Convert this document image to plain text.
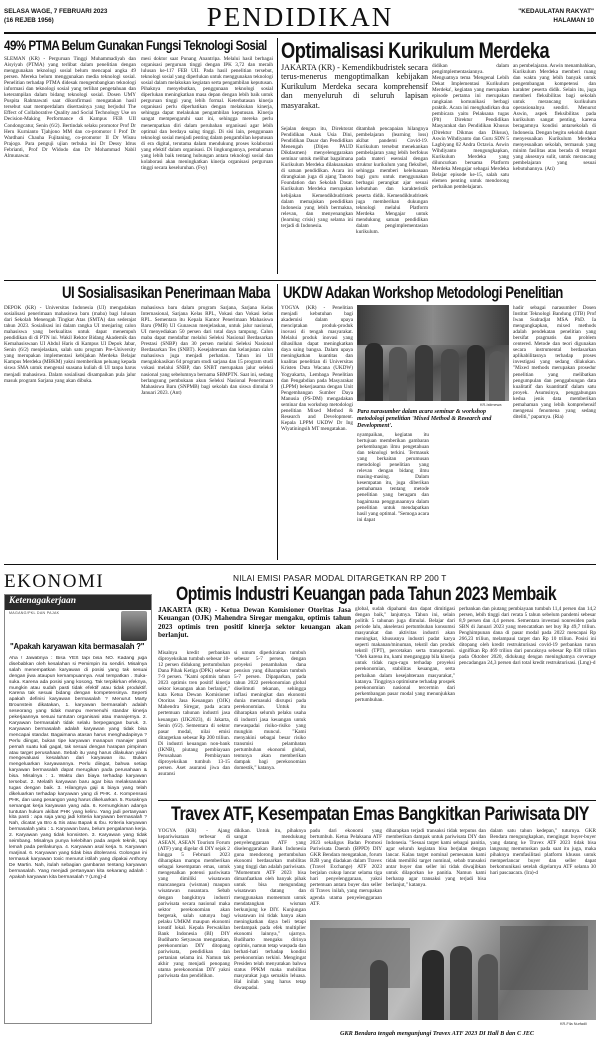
SELASA WAGE, 7 FEBRUARI 2023
(16 REJEB 1956)	PENDIDIKAN	"KEDAULATAN RAKYAT"
HALAMAN 10
49% PTMA Belum Gunakan Fungsi Teknologi Sosial

SLEMAN (KR) - Perguruan Tinggi Muhammadiyah dan Aisyiyah (PTMA) yang terlibat dalam penelitian dengan menggunakan teknologi sosial belum mencapai angka 49 persen. Mereka belum menggunakan media teknologi sosial. Penelitian terhadap PTMA didesak mengembangkan teknologi informasi dan teknologi sosial yang terlibat pengetahuan dan keterampilan dalam bidang teknologi sosial. Dosen UMY Puspita Rahmawati saat dikonfirmasi mengatakan hasil tersebut saat memperdalam disertasinya yang berjudul The Effect of Collaborative Quality and Social Technology Use on Decision-Making Performance di Kampus FEB UII Condongcatur, Senin (6/2). Bertindak selaku promotor Prof Dr Heru Kurnianto Tjahjono MM dan co-promotor I Prof Dr Wardhani Chauha Fujitaning, co-promotor II Dr Wisnu Prajogo. Para penguji ujian terbuka ini Dr Dessy Idrus Febrianti, Prof Dr Widodo dan Dr Mohammad Nabil Almunawar.

mesi doktor saat Punang Anantripa. Melalui hasil berbagai organisasi perguruan tinggi dengan IPK 3,72 dan meraih lulusan ke-117 FEB UII. Pada hasil penelitian tersebut, teknologi sosial yang diperlukan untuk menggunakan teknologi sosial dalam melakukan kegiatan serta pengambilan keputusan. Pihaknya menyebutkan, penggunaan teknologi sosial diperlukan meningkatkan masa depan dengan lebih baik untuk perguruan tinggi yang lebih formal. Keterbatasan kinerja organisasi perlu diperhatikan dengan melakukan kinerja, sehingga dapat melakukan pengambilan keputusan. Kinerja sangat mempengaruhi saat ini, sehingga mereka perlu menempatkan diri dalam perubahan organisasi agar lebih optimal dan berdaya saing tinggi. Di sisi lain, penggunaan teknologi sosial menjadi penting dalam pengambilan keputusan di era digital, terutama dalam mendukung proses kolaborasi yang efektif dalam organisasi. Di lingkungannya, pemahaman yang lebih baik tentang hubungan antara teknologi sosial dan kolaborasi akan meningkatkan kinerja organisasi perguruan tinggi secara keseluruhan. (Fsy)

Optimalisasi Kurikulum Merdeka

JAKARTA (KR) - Kemendikbudristek secara terus-menerus mengoptimalkan kebijakan Kurikulum Merdeka secara komprehensif dan menyeluruh di seluruh lapisan masyarakat.

Sejalan dengan itu, Direktorat Pendidikan Anak Usia Dini, Pendidikan Dasar dan Pendidikan Menengah (Ditjen PAUD Dikdasmen) menyelenggarakan seminar untuk melihat bagaimana Kurikulum Merdeka dilaksanakan di satuan pendidikan. Acara ini dirangkaian juga di ajang Tanoto Foundation dan Sekolah Dasar. Kurikulum Merdeka merupakan kebijakan Kemendikbudristek dalam memajukan pendidikan Indonesia yang lebih bermakna, relevan, dan menyenangkan (learning crisis) yang selama ini terjadi di Indonesia.

ditambah pencapaian hilangnya pembelajaran (learning loss) akibat pandemi Covid-19. Kurikulum tersebut menekankan pembelajaran yang lebih berfokus pada materi esensial dengan struktur kurikulum yang fleksibel, sehingga memberi keleluasaan bagi guru untuk menggunakan berbagai perangkat ajar sesuai kebutuhan dan karakteristik peserta didik. Kemendikbudristek juga memberikan dukungan teknologi melalui Platform Merdeka Mengajar untuk mendukung satuan pendidikan dalam pengimplementasian kurikulum.

didikan dalam pengimplementasiannya. Menguatnya tema 'Mengenal Lebih Dekat Implementasi Kurikulum Merdeka', kegiatan yang merupakan episode pertama ini merupakan rangkaian komunikasi berbagi praktik. Acara ini menghadirkan dua pembicara yaitu Pelaksana tugas (Plt) Direktur Pendidikan Masyarakat dan Pendidikan Khusus (Direktur Dikmas dan Diksus), Aswin Wihdiyanto dan Guru SDN 5 Lagbiyang 02 Andra Octavia. Aswin Wihdiyanto mengungkapkan, Kurikulum Merdeka yang diluncurkan bersama Platform Merdeka Mengajar sebagai Merdeka Belajar episode ke-15, salah satu elemen penting untuk mendorong perbaikan pembelajaran.

an pembelajaran. Aswin menambahkan, Kurikulum Merdeka memberi ruang dan waktu yang lebih banyak untuk pengembangan kompetensi dan karakter peserta didik. Selain itu, juga memberi fleksibilitas bagi sekolah untuk merancang kurikulum operasionalnya sendiri. Menurut Aswin, aspek fleksibilitas pada kurikulum sangat penting, karena beragamnya kondisi antarsekolah di Indonesia. Dengan begitu sekolah dapat menyesuaikan Kurikulum Merdeka menyesuaikan sekolah, termasuk yang minim fasilitas atau berada di tempat yang aksesnya sulit, untuk merancang pembelajaran yang sesuai kebutuhannya. (Ati)

UI Sosialisasikan Penerimaan Maba

DEPOK (KR) - Universitas Indonesia (UI) mengadakan sosialisasi penerimaan mahasiswa baru (maba) bagi lulusan dari Sekolah Menengah Tingkat Atas (SMTA) dan sederajat tahun 2023. Sosialisasi ini dalam rangka UI menjaring calon mahasiswa yang berkualitas untuk dapat menempuh pendidikan di di PTN ini. Wakil Rektor Bidang Akademik dan Kemahasiswaan UI Abdul Haris di Kampus UI Depok Jabar, Senin (6/2) menjelaskan, salah satu program Pre-University yang merupakan implementasi kebijakan Merdeka Belajar Kampus Merdeka (MBKM) yakni memberikan peluang kepada siswa SMA untuk mengenal suasana kuliah di UI tanpa harus menjadi mahasiswa. Dalam sosialisasi disampaikan pula jalur masuk program Sarjana yang akan dibuka.

mahasiswa baru dalam program Sarjana, Sarjana Kelas Internasional, Sarjana Kelas RPL, Vokasi dan Vokasi kelas RPL. Sementara itu Kepala Kantor Penerimaan Mahasiswa Baru (PMB) UI Gunawan menjelaskan, untuk jalur nasional, UI menyediakan 50 persen dari total daya tampung. Calon maba dapat mendaftar melalui Seleksi Nasional Berdasarkan Prestasi (SNBP) dan 30 persen melalui Seleksi Nasional Berdasarkan Tes (SNBT). Kesejahteraan dan kelanjutan calon mahasiswa juga menjadi perhatian. Tahun ini UI mengalokasikan 64 program studi sarjana dan 15 program studi vokasi melalui SNBP, dan SNBT merupakan jalur seleksi nasional yang sebelumnya bernama SBMPTN. Saat ini, sedang berlangsung pembukaan akun Seleksi Nasional Penerimaan Mahasiswa Baru (SNPMB) bagi sekolah dan siswa dimulai 9 Januari 2023. (Ant)

UKDW Adakan Workshop Metodologi Penelitian

YOGYA (KR) - Penelitian menjadi kebutuhan bagi akademisi dalam upaya menciptakan produk-produk inovasi di tengah masyarakat. Melalui produk inovasi yang dihasilkan dapat meningkatkan daya saing bangsa. Dalam upaya meningkatkan kuantitas dan kualitas penelitian di Universitas Kristen Duta Wacana (UKDW) Yogyakarta, Lembaga Penelitian dan Pengabdian pada Masyarakat (LPPM) bekerjasama dengan Unit Pengembangan Sumber Daya Manusia (PS-DM) mengadakan seminar dan workshop metodologi penelitian Mixed Method & Research and Development. Kepala LPPM UKDW Dr Ing Wiyatiningsih MT mengatakan.

KR-Istimewa
Para narasumber dalam acara seminar & workshop metodologi penelitian 'Mixed Method & Research and Development'.

nyampaikan, kegiatan itu bertujuan memberikan gambaran perkembangan ilmu pengetahuan dan teknologi terkini. Termasuk yang berkaitan perumusan metodologi penelitian yang relevan dengan bidang ilmu masing-masing. Dalam kesempatan itu, juga diberikan pemahaman tentang metode penelitian yang beragam dan bagaimana penggunaannya dalam penelitian untuk mendapatkan hasil yang optimal. "Semoga acara ini dapat

hadir sebagai narasumber Dosen Institut Teknologi Bandung (ITB) Prof Iwan Sudradjat MSA PhD. Ia mengungkapkan, mixed methods adalah pendekatan penelitian yang bersifat pragmatis dan problem centered. Metode dan teori digunakan secara instrumental berdasarkan aplikabilitasnya terhadap proses investigasi yang sedang dilakukan. "Mixed methods merupakan prosedur penelitian yang melibatkan pengumpulan dan penggabungan data kualitatif dan kuantitatif dalam satu proyek. Asumsinya, penggabungan kedua jenis data memberikan pemahaman yang lebih komprehensif mengenai fenomena yang sedang diteliti," paparnya. (Ria)

EKONOMI	NILAI EMISI PASAR MODAL DITARGETKAN RP 200 T
Optimis Industri Keuangan pada Tahun 2023 Membaik
Ketenagakerjaan
MAGANG/PKL DAN PAJAK
"Apakah karyawan kita bermasalah ?"

Aha ! Jawabnya : Bisa YES tapi bisa NO. Kadang juga disebabkan oleh kesalahan si Pemimpin itu sendiri. Misalnya salah menempatkan karyawan di posisi yang tak sesuai dengan jiwa ataupun kemampuannya. Asal tempatkan . Suka-suka. Karena ada posisi yang kosong. Tak terpikirkan efeknya, mungkin atau sudah pasti tidak efektif atau tidak produktif. Karena tak sesuai bidang dengan kompetensinya. Seperti apakah definisi karyawan bermasalah ? Menurut Marty Brounstein dikatakan, 1. karyawan bermasalah adalah seseorang yang tidak mampu memenuhi standar kinerja pekerjaannya sesuai tuntutan organisasi atau manajernya. 2. Karyawan bermasalah tidak selalu berpegangan buruk. 3. Karyawan bermasalah adalah karyawan yang tidak bisa mencapai standar. Bagaimana atasan harus menghadapinya ? Perlu diingat, bukan tipe karyawan manapun manajer pasti pernah suatu kali gagal, tak sesuai dengan harapan pimpinan atau target perusahaan. Sebab itu yang harus dilakukan yakni mengevaluasi kesalahan dari karyawan itu. Bukan mengeluarkan karyawannya. Perlu diingat, bahwa setiap karyawan bermasalah dapat merugikan pada perusahaan & bisa. Misalnya : 1. Waktu dan biaya terhadap karyawan tersebut. 2. Melatih karyawan baru agar bisa melaksanakan tugas dengan baik. 3. Hilangnya gaji & biaya yang telah dikeluarkan terhadap karyawan yang di PHK. 4. Kompensasi PHK, dan uang pesangon yang harus dikeluarkan. 5. Rusaknya semangat kerja karyawan yang ada. 6. Kemungkinan adanya tuntutan hukum akibat PHK yang keliru. Yang jadi pertanyaan kita pasti : apa saja yang jadi kriteria karyawan bermasalah ? Nah, dicatat ya Bro & Sis atau Bapak & Ibu. Kriteria karyawan bermasalah yaitu : 1. Karyawan baru, belum pengalaman kerja. 2. Karyawan yang tidak konsisten. 3. Karyawan yang tidak seimbang. Misalnya punya kelebihan pada aspek teknik, tapi lemah pada perilakunya. 4. Karyawan asal kerja. 5. Karyawan marjinal. 6. Karyawan yang tidak bisa ditoleransi. Golongan ini termasuk karyawan toxic menurut istilah yang dipakai Anthony De Martin. Nah, itulah sebagian gambaran tentang karyawan bermasalah. Yang menjadi pertanyaan kita sekarang adalah : Apakah karyawan kita bermasalah ? (Lmg)-d

JAKARTA (KR) - Ketua Dewan Komisioner Otoritas Jasa Keuangan (OJK) Mahendra Siregar mengaku, optimis tahun 2023 optimis tren positif kinerja sektor keuangan akan berlanjut.

Misalnya kredit perbankan diproyeksikan tumbuh sebesar 10-12 persen didukung pertumbuhan Dana Pihak Ketiga (DPK) sebesar 7-9 persen. "Kami optimis tahun 2023 optimis tren positif kinerja sektor keuangan akan berlanjut," kata Ketua Dewan Komisioner Otoritas Jasa Keuangan (OJK) Mahendra Siregar, pada acara pertemuan tahunan industri jasa keuangan (IJK2023), di Jakarta, Senin (6/2). Sementara di sektor pasar modal, nilai emisi ditargetkan sebesar Rp 200 triliun. Di industri keuangan non-bank (IKNB), piutang pembiayaan Perusahaan Pembiayaan diproyeksikan tumbuh 13-15 persen. Aset asuransi jiwa dan asuransi

si umum diperkirakan tumbuh sebesar 5-7 persen, dengan proyeksi penambahan dana pensiun yang diharapkan tumbuh 5-7 persen. Dipaparkan, pada tahun 2022 perekonomian global diselimuti tekanan, sehingga inflasi meningkat dan ekonomi dunia memasuki disrupsi pada perekonomian. Untuk itu diharapkan seluruh pelaku usaha di industri jasa keuangan untuk mewaspadai risiko-risiko yang mungkin muncul. "Kami menyakini sebagai besar risiko transmisi pelambatan pertumbuhan ekonomi global, tentunya akan memberikan dampak bagi perekonomian domestik," katanya.

global, sudah dipahami dan dapat dimitigasi dengan baik," lanjutnya. Tahun ini, selain politik 5 tahunan juga dimulai. Belajar dari periode lalu, akselerasi pertumbuhan konsumsi masyarakat dan aktivitas industri akan meningkat, khususnya industri padat karya seperti makanan/minuman, tekstil dan produk tekstil (TPT), percetakan serta transportasi. "Oleh karena itu, kami menganggap bila kinerja untuk tidak ragu-ragu terhadap proyeksi perekonomian, stabilitas keuangan, serta perbaikan dalam kesejahteraan masyarakat," katanya. Tingginya optimisme terhadap prospek perekonomian nasional tercermin dari perkembangan pasar modal yang menunjukkan pertumbuhan.

perbankan dan piutang pembiayaan tumbuh 11,4 persen dan 14,2 persen, lebih tinggi dari rerata 5 tahun sebelum pandemi sebesar 8,9 persen dan 4,4 persen. Sementara investasi nonresiden pada SBN di Januari 2023 yang mencatatkan net buy Rp 49,7 triliun. Penghimpunan dana di pasar modal pada 2022 mencapai Rp 266,23 triliun, melampaui target dan Rp 10 triliun. Posisi ini ditopang oleh kredit restrukturisasi covid-19 perbankan turun signifikan Rp 469 triliun dari puncaknya sebesar Rp 830 triliun pada Oktober 2020, didukung dengan meningkatnya coverage pencadangan 24,3 persen dari total kredit restrukturisasi. (Lmg)-d

Travex ATF, Kesempatan Emas Bangkitkan Pariwisata DIY

YOGYA (KR) - Ajang kepariwisataan terbesar di ASEAN, ASEAN Tourism Forum (ATF) yang digelar di DIY sejak 2 hingga 5 Februari 2023 diharapkan mampu memberikan sebagai kesempatan emas, untuk mengenalkan potensi pariwisata yang dimiliki wisatawan mancanegara (wisman) maupun wisatawan nusantara. Sebab dengan bangkitnya industri pariwisata secara nasional maka sektor perekonomian akan bergerak, salah satunya bagi pelaku UMKM maupun ekonomi kreatif lokal. Kepala Perwakilan Bank Indonesia (BI) DIY Budiharto Setyawan mengatakan, perekonomian DIY ditopang pariwisata, pendidikan dan pertanian selama ini. Namun tak akhir yang menjadi penopang utama perekonomian DIY yakni pariwisata dan pendidikan.

dikikan. Untuk itu, pihaknya sangat mendukung penyelenggaraan ATF yang diselenggarakan Bank Indonesia guna mendorong pertumbuhan ekonomi berdasarkan mobilitas yang tinggi dan adalah pariwisata. "Momentum ATF 2023 bisa dimanfaatkan oleh banyak pihak untuk bisa mengundang wisatawan datang dan menggunakan momentum untuk mendatangkan wisman berkunjung ke DIY. Kunjungan wisatawan ini tidak hanya akan meningkatkan daya beli tetapi berdampak pada efek multiplier ekonomi lainnya," ujarnya. Budiharto mengaku dirinya optimis, namun tetap waspada dan berhati-hati terhadap kondisi perekonomian terkini. Mengingat Presiden telah menyatakan bahwa status PPKM maka mobilitas masyarakat juga semakin leluasa. Hal inilah yang harus tetap diwaspadai.

padu dari ekonomi yang bertumbuh. Ketua Pelaksana ATF 2023 sekaligus Badan Promosi Pariwisata Daerah (BPPD) DIY GKR Bendara mengatakan, forum B2B yang diadakan dalam Travex (Travel Exchange) ATF 2023 berjalan cukup lancar selama tiga hari penyelenggaraan, yakni pertemuan antara buyer dan seller di Travex inilah, yang merupakan agenda utama penyelenggaraan ATF.

diharapkan terjadi transaksi tidak terputus dan memberikan dampak untuk pariwisata DIY dan Indonesia. "Sesuai target kami sebagai panitia, agar seluruh kegiatan bisa berjalan dengan lancar. Kalau target nominal pemesanan kami tidak memiliki target nominal, sebab transaksi antar buyer dan seller ini tidak diwajibkan untuk dilaporkan ke panitia. Namun kami berharap agar transaksi yang terjadi bisa berlanjut," katanya.

dalam satu tahun kedepan," tuturnya. GKR Bendara mengungkapkan, mengingat buyer-buyer yang datang ke Travex ATF 2023 tidak bisa langsung memutuskan pada saat itu juga, maka pihaknya memfasilitasi platform khusus untuk memperlancar buyer dan seller dapat berkomunikasi setelah digelarnya ATF selama 30 hari pascaacara. (Ira)-d

KR-Fila Nurfadli
GKR Bendara tengah mengunjungi Travex ATF 2023 DI Hall B dan C JEC
